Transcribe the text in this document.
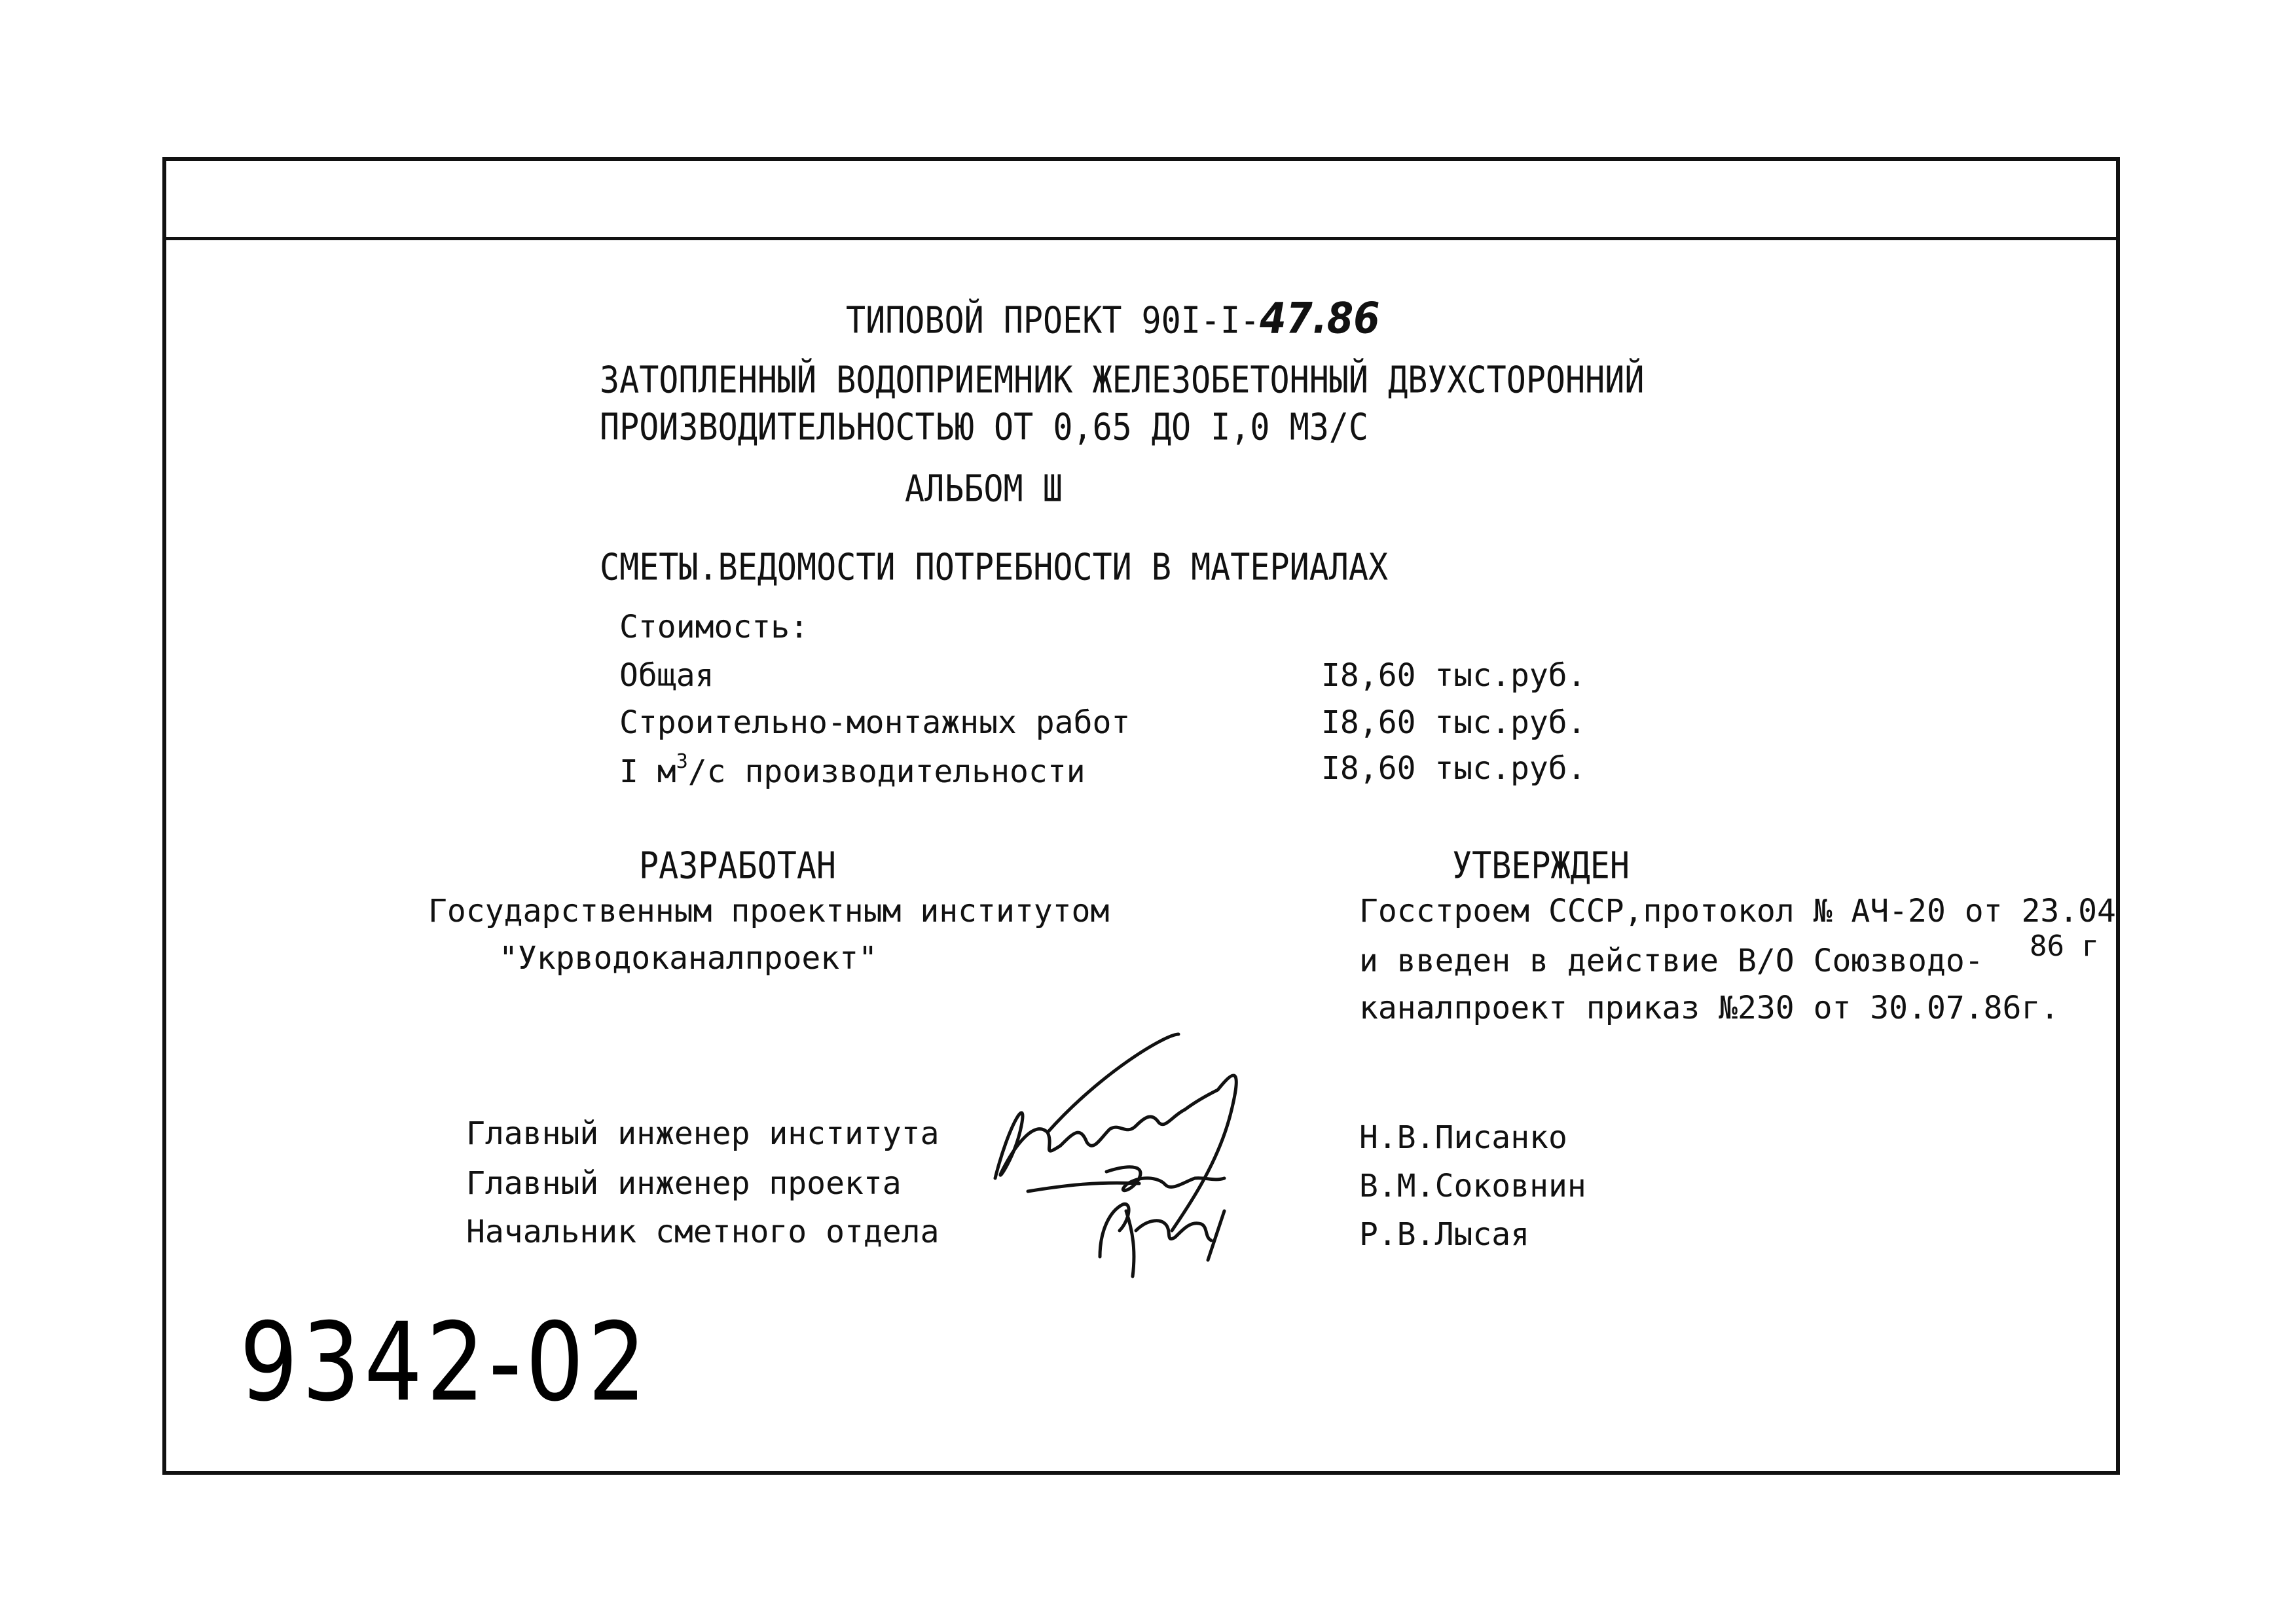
ТИПОВОЙ ПРОЕКТ 90I-I-47.86
ЗАТОПЛЕННЫЙ ВОДОПРИЕМНИК ЖЕЛЕЗОБЕТОННЫЙ ДВУХСТОРОННИЙ
ПРОИЗВОДИТЕЛЬНОСТЬЮ ОТ 0,65 ДО I,0 МЗ/С
АЛЬБОМ Ш
СМЕТЫ.ВЕДОМОСТИ ПОТРЕБНОСТИ В МАТЕРИАЛАХ
Стоимость:
Общая	I8,60 тыс.руб.
Строительно-монтажных работ	I8,60 тыс.руб.
I $м^3/с$ производительности	I8,60 тыс.руб.
РАЗРАБОТАН
Государственным проектным институтом
"Укрводоканалпроект"
УТВЕРЖДЕН
Госстроем СССР,протокол № АЧ-20 от 23.04
86 г
и введен в действие В/О Союзводо-
каналпроект приказ №230 от 30.07.86г.
Главный инженер института
Главный инженер проекта
Начальник сметного отдела
Н.В.Писанко
В.М.Соковнин
Р.В.Лысая
9342-02
